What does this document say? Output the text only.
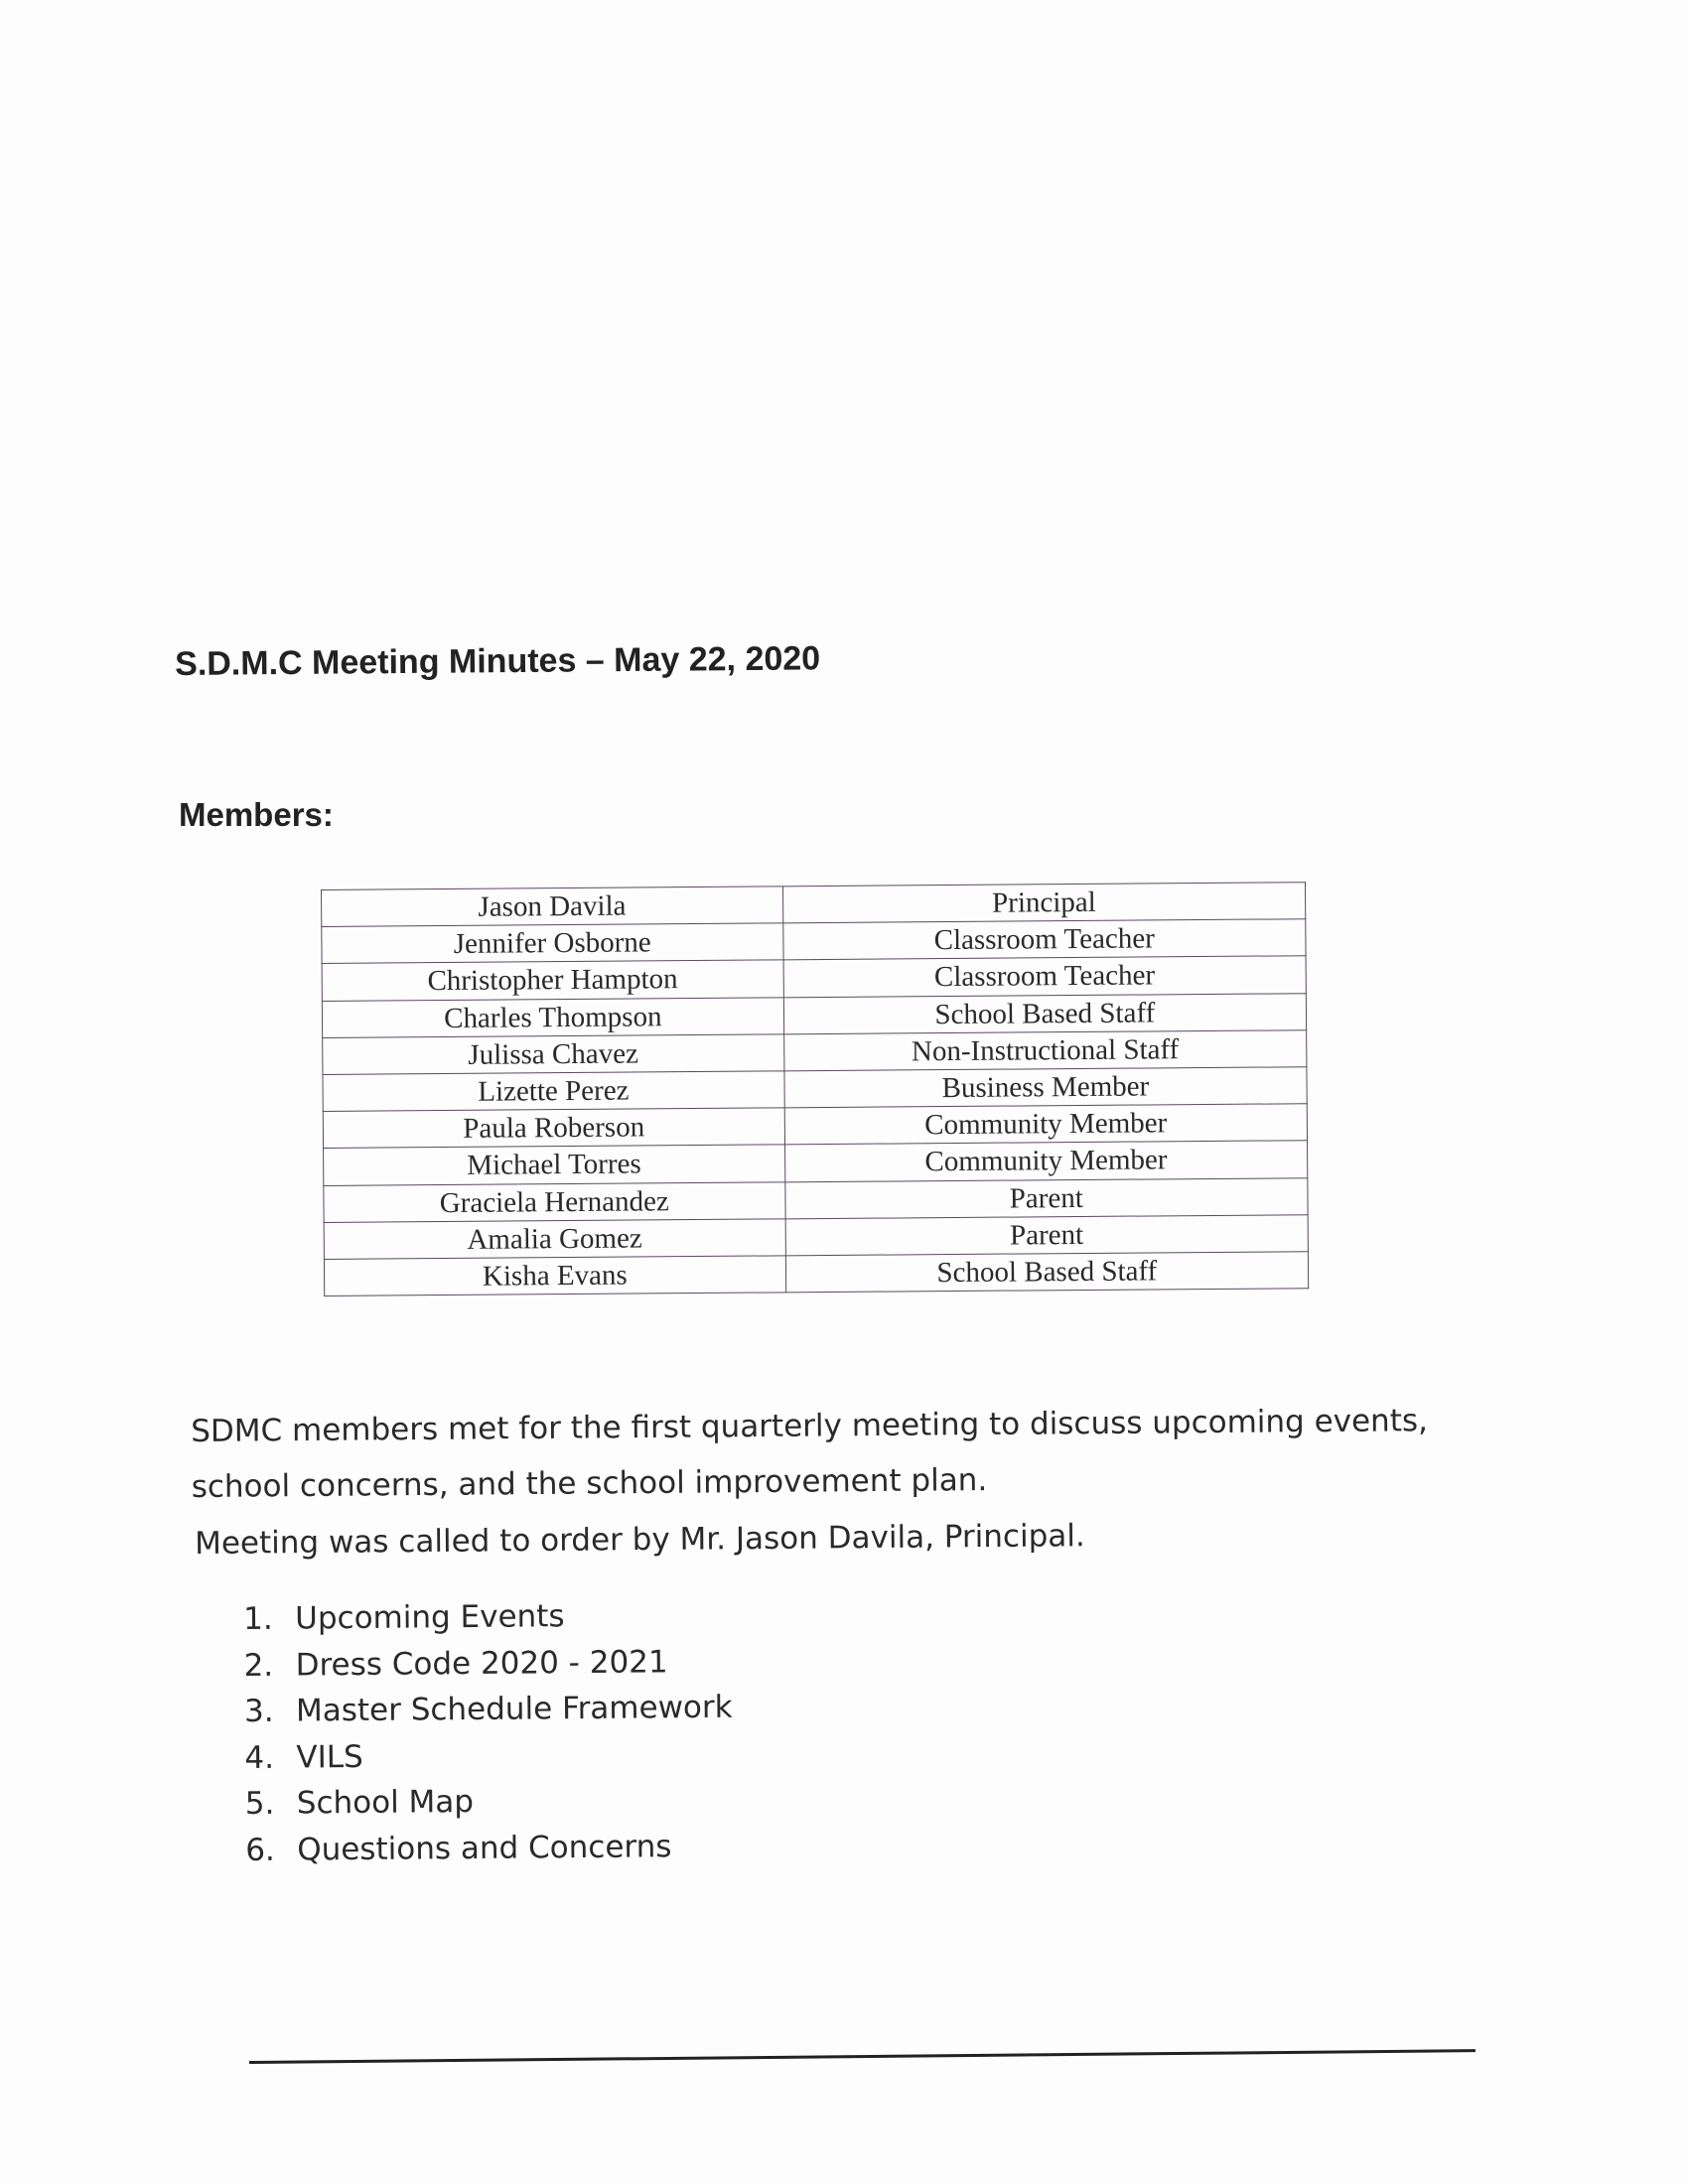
S.D.M.C Meeting Minutes – May 22, 2020
Members:
Jason Davila	Principal
Jennifer Osborne	Classroom Teacher
Christopher Hampton	Classroom Teacher
Charles Thompson	School Based Staff
Julissa Chavez	Non-Instructional Staff
Lizette Perez	Business Member
Paula Roberson	Community Member
Michael Torres	Community Member
Graciela Hernandez	Parent
Amalia Gomez	Parent
Kisha Evans	School Based Staff
SDMC members met for the first quarterly meeting to discuss upcoming events,
school concerns, and the school improvement plan.
Meeting was called to order by Mr. Jason Davila, Principal.
1. Upcoming Events
2. Dress Code 2020 - 2021
3. Master Schedule Framework
4. VILS
5. School Map
6. Questions and Concerns
